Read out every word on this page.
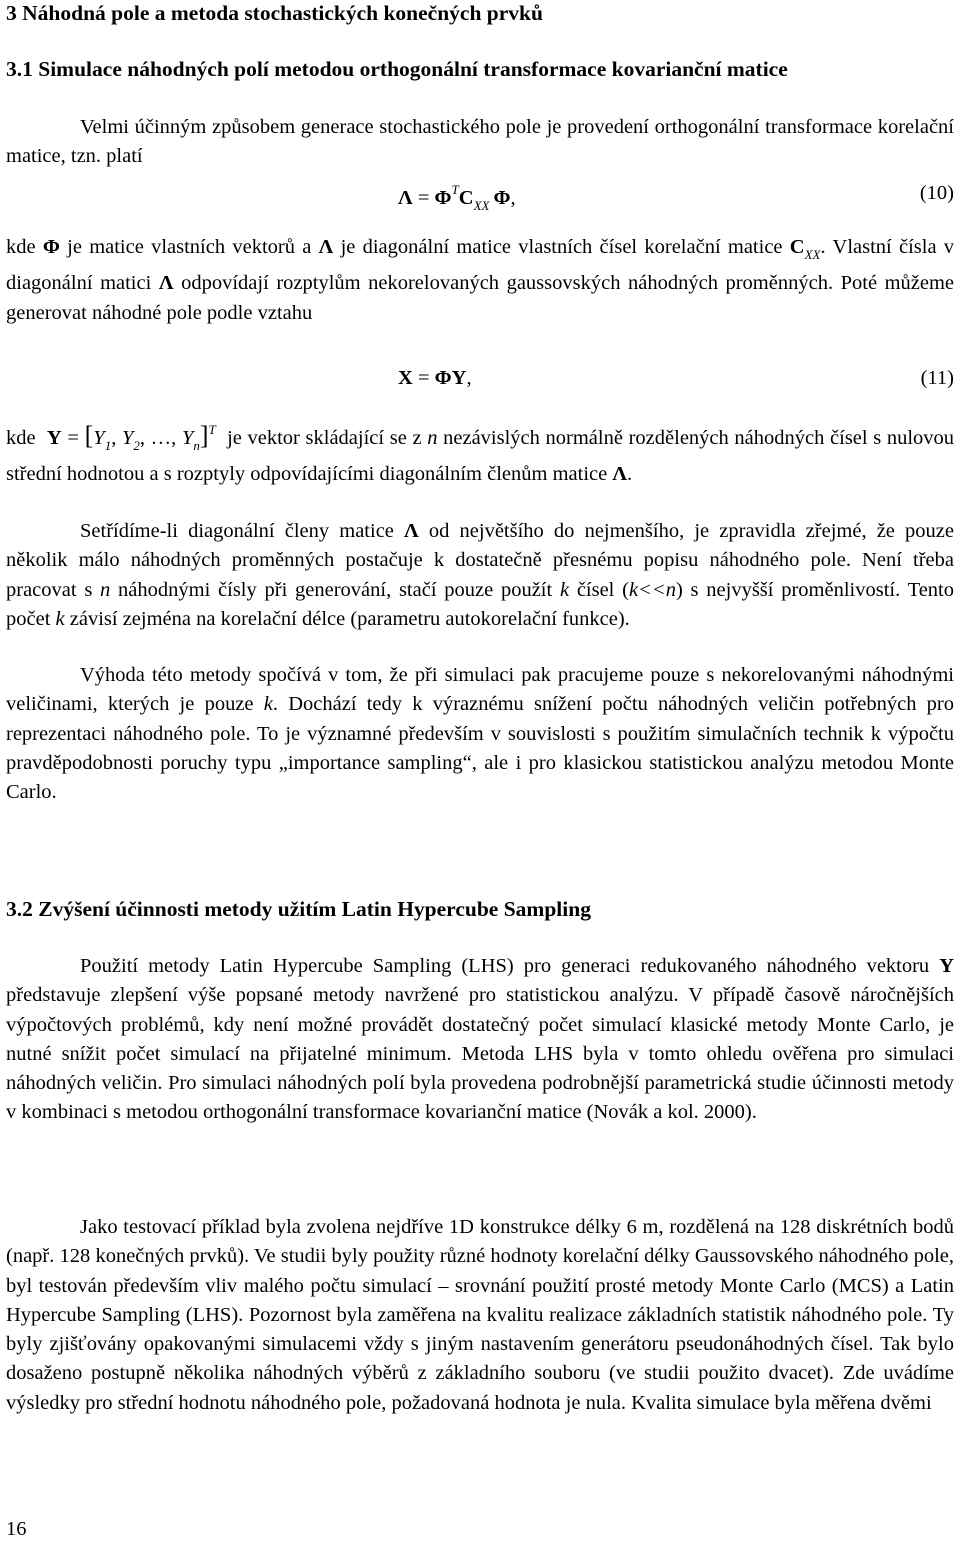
3 Náhodná pole a metoda stochastických konečných prvků
3.1 Simulace náhodných polí metodou orthogonální transformace kovarianční matice

Velmi účinným způsobem generace stochastického pole je provedení orthogonální transformace korelační matice, tzn. platí

$\Lambda = \Phi^TC_{XX}$ Φ,	(10)
kde Φ je matice vlastních vektorů a Λ je diagonální matice vlastních čísel korelační matice $C_{XX}$. Vlastní čísla v diagonální matici Λ odpovídají rozptylům nekorelovaných gaussovských náhodných proměnných. Poté můžeme generovat náhodné pole podle vztahu
X = ΦY,	(11)
kde $Y = [Y_1$, $Y_2$, …, $Y_n]^T$ je vektor skládající se z n nezávislých normálně rozdělených náhodných čísel s nulovou střední hodnotou a s rozptyly odpovídajícími diagonálním členům matice Λ.

Setřídíme-li diagonální členy matice Λ od největšího do nejmenšího, je zpravidla zřejmé, že pouze několik málo náhodných proměnných postačuje k dostatečně přesnému popisu náhodného pole. Není třeba pracovat s n náhodnými čísly při generování, stačí pouze použít k čísel (k<<n) s nejvyšší proměnlivostí. Tento počet k závisí zejména na korelační délce (parametru autokorelační funkce).

Výhoda této metody spočívá v tom, že při simulaci pak pracujeme pouze s nekorelovanými náhodnými veličinami, kterých je pouze k. Dochází tedy k výraznému snížení počtu náhodných veličin potřebných pro reprezentaci náhodného pole. To je významné především v souvislosti s použitím simulačních technik k výpočtu pravděpodobnosti poruchy typu „importance sampling“, ale i pro klasickou statistickou analýzu metodou Monte Carlo.

3.2 Zvýšení účinnosti metody užitím Latin Hypercube Sampling

Použití metody Latin Hypercube Sampling (LHS) pro generaci redukovaného náhodného vektoru Y představuje zlepšení výše popsané metody navržené pro statistickou analýzu. V případě časově náročnějších výpočtových problémů, kdy není možné provádět dostatečný počet simulací klasické metody Monte Carlo, je nutné snížit počet simulací na přijatelné minimum. Metoda LHS byla v tomto ohledu ověřena pro simulaci náhodných veličin. Pro simulaci náhodných polí byla provedena podrobnější parametrická studie účinnosti metody v kombinaci s metodou orthogonální transformace kovarianční matice (Novák a kol. 2000).

Jako testovací příklad byla zvolena nejdříve 1D konstrukce délky 6 m, rozdělená na 128 diskrétních bodů (např. 128 konečných prvků). Ve studii byly použity různé hodnoty korelační délky Gaussovského náhodného pole, byl testován především vliv malého počtu simulací – srovnání použití prosté metody Monte Carlo (MCS) a Latin Hypercube Sampling (LHS). Pozornost byla zaměřena na kvalitu realizace základních statistik náhodného pole. Ty byly zjišťovány opakovanými simulacemi vždy s jiným nastavením generátoru pseudonáhodných čísel. Tak bylo dosaženo postupně několika náhodných výběrů z základního souboru (ve studii použito dvacet). Zde uvádíme výsledky pro střední hodnotu náhodného pole, požadovaná hodnota je nula. Kvalita simulace byla měřena dvěmi

16
